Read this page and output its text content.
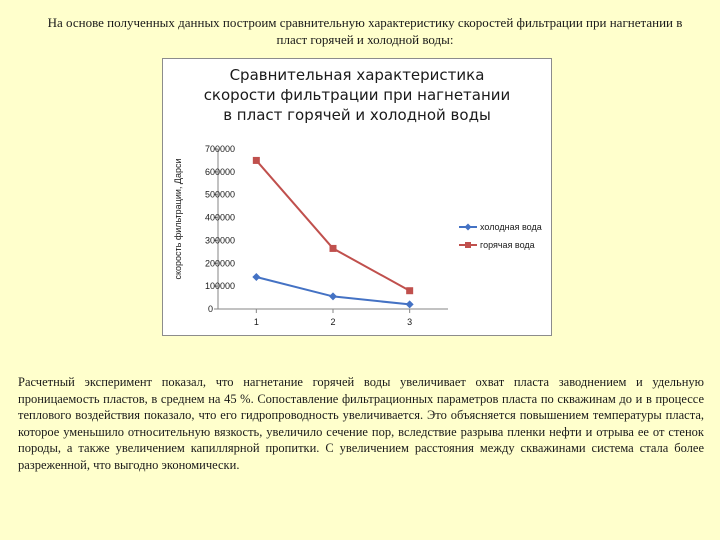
На основе полученных данных построим сравнительную характеристику скоростей фильтрации при нагнетании в пласт горячей и холодной воды:
Сравнительная характеристика
скорости фильтрации при нагнетании
в пласт горячей и холодной воды
0
100000
200000
300000
400000
500000
600000
700000
1	2	3
скорость фильтрации, Дарси	холодная вода
горячая вода

Расчетный эксперимент показал, что нагнетание горячей воды увеличивает охват пласта заводнением и удельную проницаемость пластов, в среднем на 45 %. Сопоставление фильтрационных параметров пласта по скважинам до и в процессе теплового воздействия показало, что его гидропроводность увеличивается. Это объясняется повышением температуры пласта, которое уменьшило относительную вязкость, увеличило сечение пор, вследствие разрыва пленки нефти и отрыва ее от стенок породы, а также увеличением капиллярной пропитки. С увеличением расстояния между скважинами система стала более разреженной, что выгодно экономически.
